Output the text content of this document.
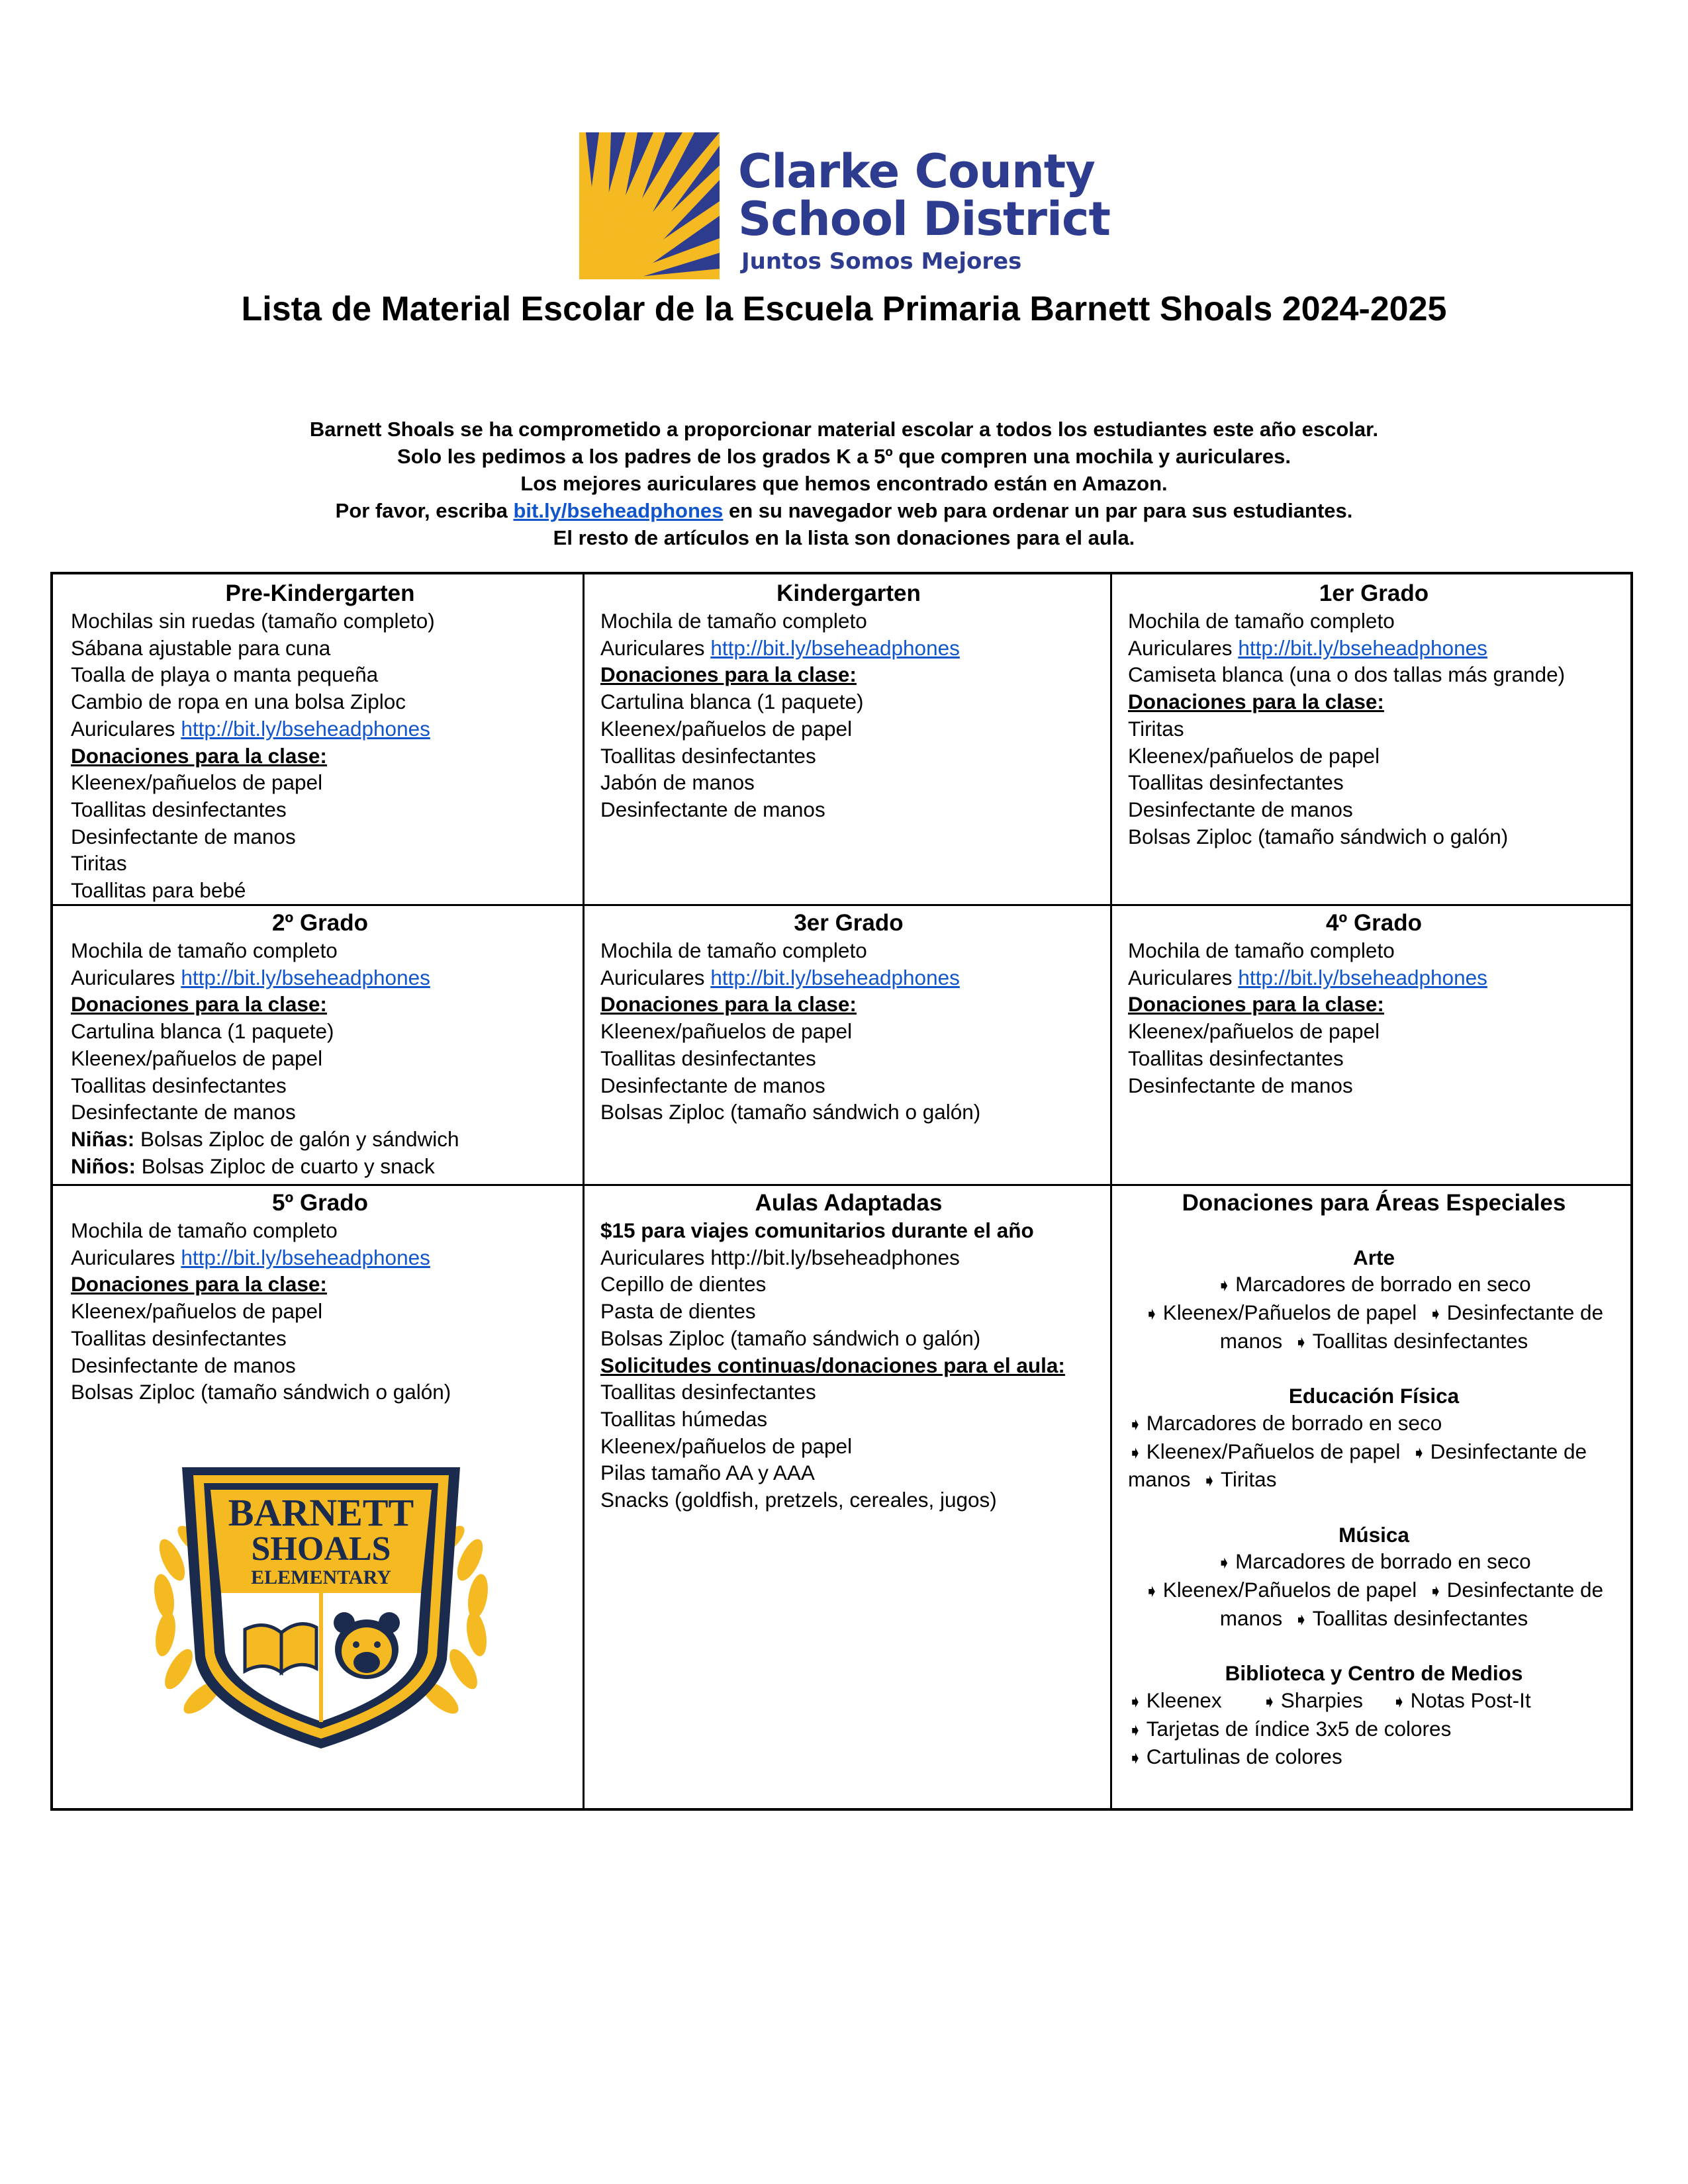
Clarke County
School District
Juntos Somos Mejores
Lista de Material Escolar de la Escuela Primaria Barnett Shoals 2024-2025
Barnett Shoals se ha comprometido a proporcionar material escolar a todos los estudiantes este año escolar.
Solo les pedimos a los padres de los grados K a 5º que compren una mochila y auriculares.
Los mejores auriculares que hemos encontrado están en Amazon.
Por favor, escriba bit.ly/bseheadphones en su navegador web para ordenar un par para sus estudiantes.
El resto de artículos en la lista son donaciones para el aula.
Pre-Kindergarten
Mochilas sin ruedas (tamaño completo)
Sábana ajustable para cuna
Toalla de playa o manta pequeña
Cambio de ropa en una bolsa Ziploc
Auriculares http://bit.ly/bseheadphones
Donaciones para la clase:
Kleenex/pañuelos de papel
Toallitas desinfectantes
Desinfectante de manos
Tiritas
Toallitas para bebé
Kindergarten
Mochila de tamaño completo
Auriculares http://bit.ly/bseheadphones
Donaciones para la clase:
Cartulina blanca (1 paquete)
Kleenex/pañuelos de papel
Toallitas desinfectantes
Jabón de manos
Desinfectante de manos
1er Grado
Mochila de tamaño completo
Auriculares http://bit.ly/bseheadphones
Camiseta blanca (una o dos tallas más grande)
Donaciones para la clase:
Tiritas
Kleenex/pañuelos de papel
Toallitas desinfectantes
Desinfectante de manos
Bolsas Ziploc (tamaño sándwich o galón)
2º Grado
Mochila de tamaño completo
Auriculares http://bit.ly/bseheadphones
Donaciones para la clase:
Cartulina blanca (1 paquete)
Kleenex/pañuelos de papel
Toallitas desinfectantes
Desinfectante de manos
Niñas: Bolsas Ziploc de galón y sándwich
Niños: Bolsas Ziploc de cuarto y snack
3er Grado
Mochila de tamaño completo
Auriculares http://bit.ly/bseheadphones
Donaciones para la clase:
Kleenex/pañuelos de papel
Toallitas desinfectantes
Desinfectante de manos
Bolsas Ziploc (tamaño sándwich o galón)
4º Grado
Mochila de tamaño completo
Auriculares http://bit.ly/bseheadphones
Donaciones para la clase:
Kleenex/pañuelos de papel
Toallitas desinfectantes
Desinfectante de manos
5º Grado
Mochila de tamaño completo
Auriculares http://bit.ly/bseheadphones
Donaciones para la clase:
Kleenex/pañuelos de papel
Toallitas desinfectantes
Desinfectante de manos
Bolsas Ziploc (tamaño sándwich o galón)
BARNETT
SHOALS
ELEMENTARY
Aulas Adaptadas
$15 para viajes comunitarios durante el año
Auriculares http://bit.ly/bseheadphones
Cepillo de dientes
Pasta de dientes
Bolsas Ziploc (tamaño sándwich o galón)
Solicitudes continuas/donaciones para el aula:
Toallitas desinfectantes
Toallitas húmedas
Kleenex/pañuelos de papel
Pilas tamaño AA y AAA
Snacks (goldfish, pretzels, cereales, jugos)
Donaciones para Áreas Especiales
Arte
➧ Marcadores de borrado en seco
➧ Kleenex/Pañuelos de papel ➧ Desinfectante de
manos ➧ Toallitas desinfectantes
Educación Física
➧ Marcadores de borrado en seco
➧ Kleenex/Pañuelos de papel ➧ Desinfectante de
manos ➧ Tiritas
Música
➧ Marcadores de borrado en seco
➧ Kleenex/Pañuelos de papel ➧ Desinfectante de
manos ➧ Toallitas desinfectantes
Biblioteca y Centro de Medios
➧ Kleenex ➧ Sharpies ➧ Notas Post-It
➧ Tarjetas de índice 3x5 de colores
➧ Cartulinas de colores
